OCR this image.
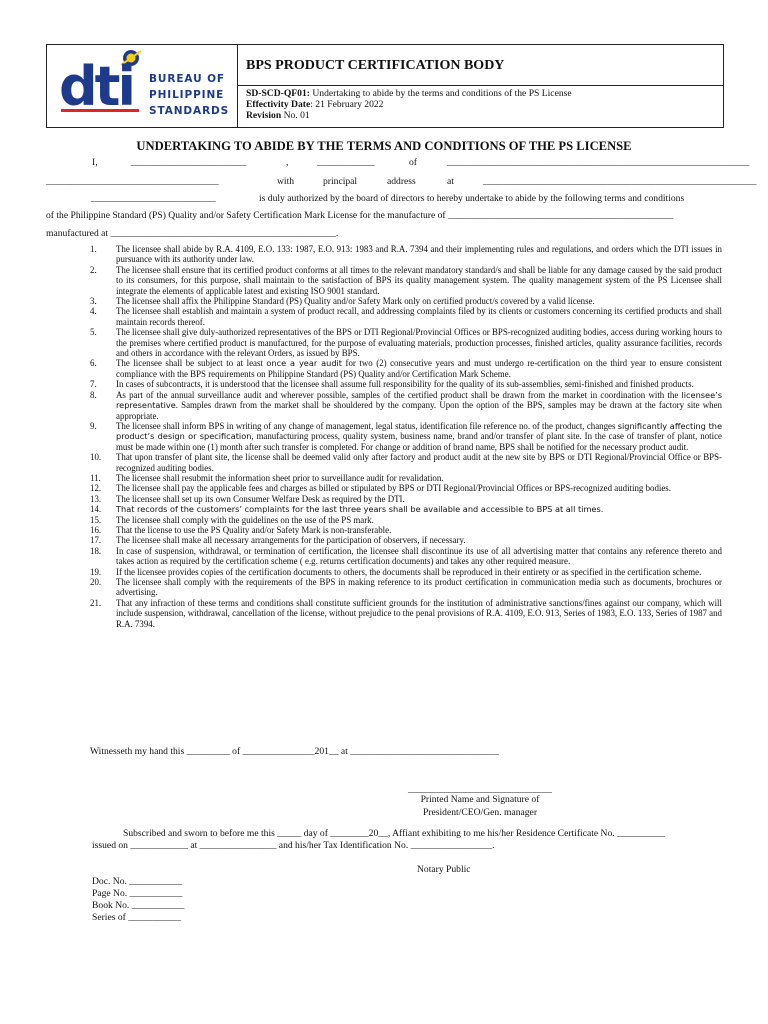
dti BUREAU OF
PHILIPPINE
STANDARDS
BPS PRODUCT CERTIFICATION BODY
SD-SCD-QF01: Undertaking to abide by the terms and conditions of the PS License
Effectivity Date: 21 February 2022
Revision No. 01
UNDERTAKING TO ABIDE BY THE TERMS AND CONDITIONS OF THE PS LICENSE
I,	________________________	,	____________	of	_______________________________________________________________
____________________________________	with	principal	address	at	_________________________________________________________
__________________________	is duly authorized by the board of directors to hereby undertake to abide by the following terms and conditions
of the Philippine Standard (PS) Quality and/or Safety Certification Mark License for the manufacture of _______________________________________________
manufactured at _______________________________________________.
1. The licensee shall abide by R.A. 4109, E.O. 133: 1987, E.O. 913: 1983 and R.A. 7394 and their implementing rules and regulations, and orders which the DTI issues in pursuance with its authority under law.
2. The licensee shall ensure that its certified product conforms at all times to the relevant mandatory standard/s and shall be liable for any damage caused by the said product to its consumers, for this purpose, shall maintain to the satisfaction of BPS its quality management system. The quality management system of the PS Licensee shall integrate the elements of applicable latest and existing ISO 9001 standard.
3. The licensee shall affix the Philippine Standard (PS) Quality and/or Safety Mark only on certified product/s covered by a valid license.
4. The licensee shall establish and maintain a system of product recall, and addressing complaints filed by its clients or customers concerning its certified products and shall maintain records thereof.
5. The licensee shall give duly-authorized representatives of the BPS or DTI Regional/Provincial Offices or BPS-recognized auditing bodies, access during working hours to the premises where certified product is manufactured, for the purpose of evaluating materials, production processes, finished articles, quality assurance facilities, records and others in accordance with the relevant Orders, as issued by BPS.
6. The licensee shall be subject to at least once a year audit for two (2) consecutive years and must undergo re-certification on the third year to ensure consistent compliance with the BPS requirements on Philippine Standard (PS) Quality and/or Certification Mark Scheme.
7. In cases of subcontracts, it is understood that the licensee shall assume full responsibility for the quality of its sub-assemblies, semi-finished and finished products.
8. As part of the annual surveillance audit and wherever possible, samples of the certified product shall be drawn from the market in coordination with the licensee’s representative. Samples drawn from the market shall be shouldered by the company. Upon the option of the BPS, samples may be drawn at the factory site when appropriate.
9. The licensee shall inform BPS in writing of any change of management, legal status, identification file reference no. of the product, changes significantly affecting the product’s design or specification, manufacturing process, quality system, business name, brand and/or transfer of plant site. In the case of transfer of plant, notice must be made within one (1) month after such transfer is completed. For change or addition of brand name, BPS shall be notified for the necessary product audit.
10. That upon transfer of plant site, the license shall be deemed valid only after factory and product audit at the new site by BPS or DTI Regional/Provincial Office or BPS-recognized auditing bodies.
11. The licensee shall resubmit the information sheet prior to surveillance audit for revalidation.
12. The licensee shall pay the applicable fees and charges as billed or stipulated by BPS or DTI Regional/Provincial Offices or BPS-recognized auditing bodies.
13. The licensee shall set up its own Consumer Welfare Desk as required by the DTI.
14. That records of the customers’ complaints for the last three years shall be available and accessible to BPS at all times.
15. The licensee shall comply with the guidelines on the use of the PS mark.
16. That the license to use the PS Quality and/or Safety Mark is non-transferable.
17. The licensee shall make all necessary arrangements for the participation of observers, if necessary.
18. In case of suspension, withdrawal, or termination of certification, the licensee shall discontinue its use of all advertising matter that contains any reference thereto and takes action as required by the certification scheme ( e.g. returns certification documents) and takes any other required measure.
19. If the licensee provides copies of the certification documents to others, the documents shall be reproduced in their entirety or as specified in the certification scheme.
20. The licensee shall comply with the requirements of the BPS in making reference to its product certification in communication media such as documents, brochures or advertising.
21. That any infraction of these terms and conditions shall constitute sufficient grounds for the institution of administrative sanctions/fines against our company, which will include suspension, withdrawal, cancellation of the license, without prejudice to the penal provisions of R.A. 4109, E.O. 913, Series of 1983, E.O. 133, Series of 1987 and R.A. 7394.
Witnesseth my hand this _________ of _______________201__ at _______________________________
______________________________
Printed Name and Signature of
President/CEO/Gen. manager
Subscribed and sworn to before me this _____ day of ________20__, Affiant exhibiting to me his/her Residence Certificate No. __________
issued on ____________ at ________________ and his/her Tax Identification No. _________________.
Notary Public
Doc. No. ___________
Page No. ___________
Book No. ___________
Series of ___________
